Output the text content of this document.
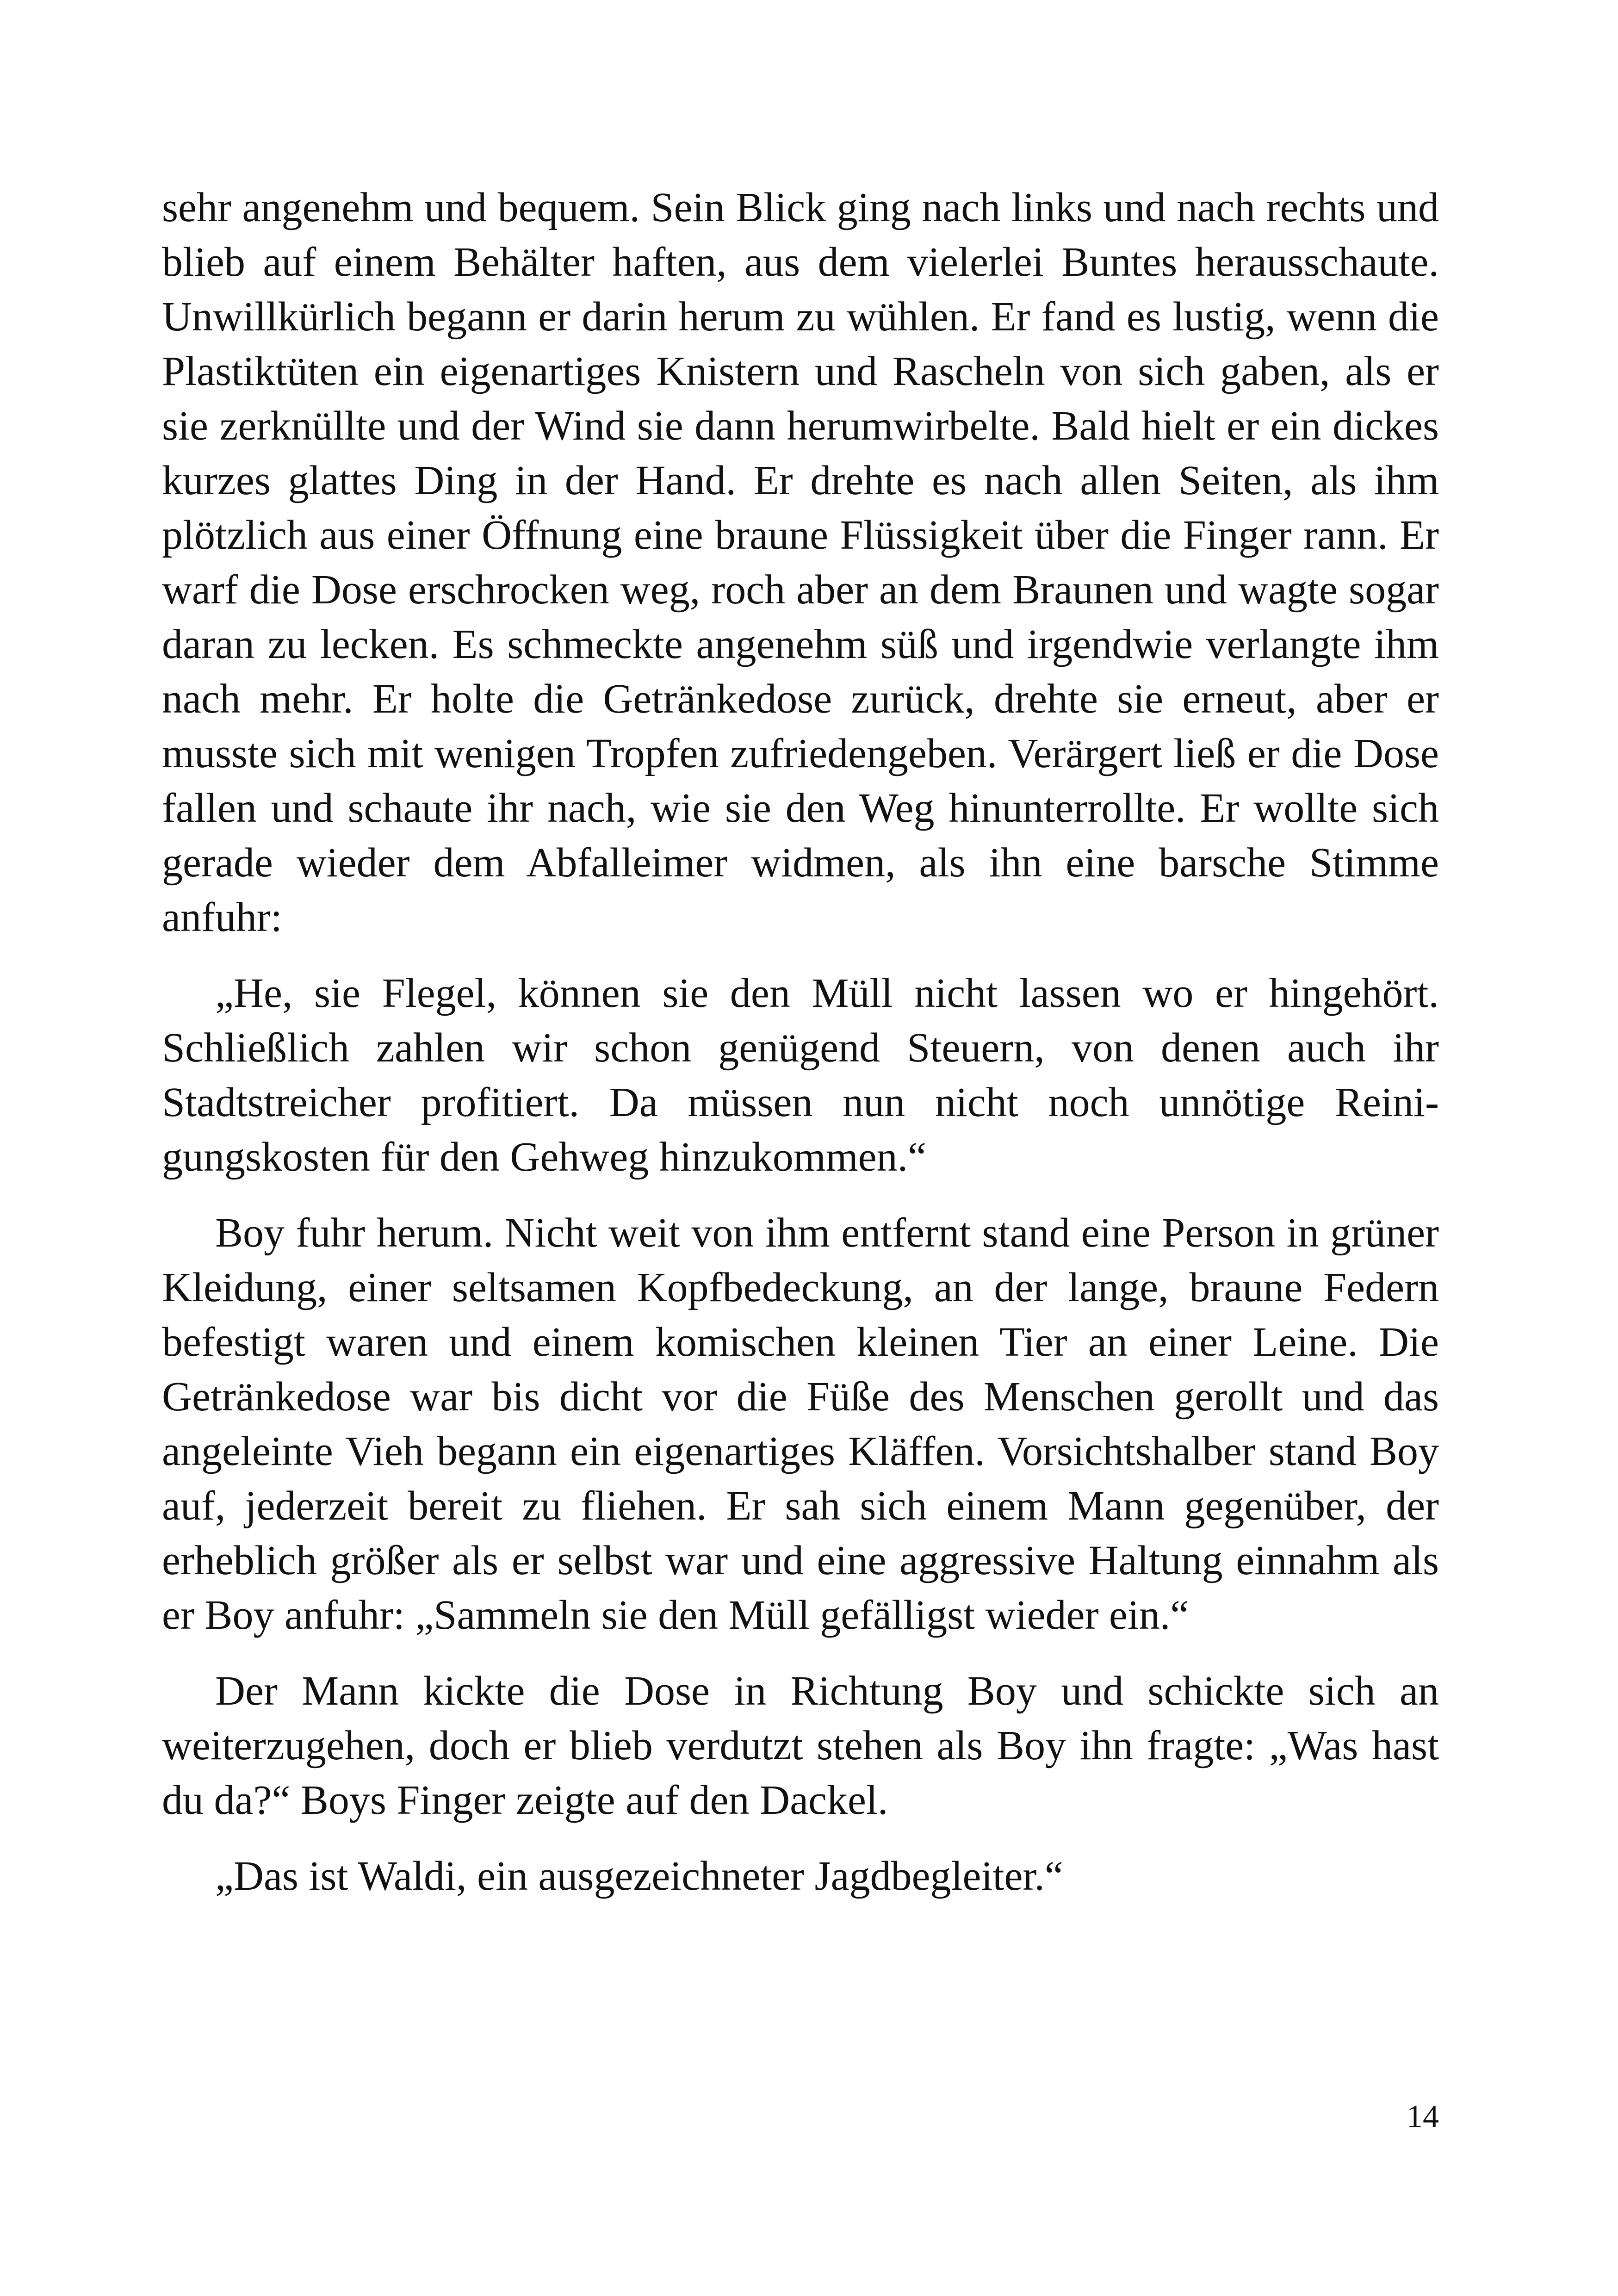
sehr angenehm und bequem. Sein Blick ging nach links und nach rechts und blieb auf einem Behälter haften, aus dem vielerlei Buntes herausschaute. Unwillkürlich begann er darin herum zu wühlen. Er fand es lustig, wenn die Plastiktüten ein eigenartiges Knistern und Rascheln von sich gaben, als er sie zerknüllte und der Wind sie dann herumwirbelte. Bald hielt er ein dickes kurzes glattes Ding in der Hand. Er drehte es nach allen Seiten, als ihm plötzlich aus einer Öffnung eine braune Flüssigkeit über die Finger rann. Er warf die Dose erschrocken weg, roch aber an dem Braunen und wagte sogar daran zu lecken. Es schmeckte angenehm süß und irgendwie verlangte ihm nach mehr. Er holte die Getränkedose zurück, drehte sie erneut, aber er musste sich mit wenigen Tropfen zufriedengeben. Verärgert ließ er die Dose fallen und schaute ihr nach, wie sie den Weg hinunterrollte. Er wollte sich gerade wieder dem Abfalleimer widmen, als ihn eine barsche Stimme anfuhr:

„He, sie Flegel, können sie den Müll nicht lassen wo er hingehört. Schließlich zahlen wir schon genügend Steuern, von denen auch ihr Stadtstreicher profitiert. Da müssen nun nicht noch unnötige Reinigungskosten für den Gehweg hinzukommen.“

Boy fuhr herum. Nicht weit von ihm entfernt stand eine Person in grüner Kleidung, einer seltsamen Kopfbedeckung, an der lange, braune Federn befestigt waren und einem komischen kleinen Tier an einer Leine. Die Getränkedose war bis dicht vor die Füße des Menschen gerollt und das angeleinte Vieh begann ein eigenartiges Kläffen. Vorsichtshalber stand Boy auf, jederzeit bereit zu fliehen. Er sah sich einem Mann gegenüber, der erheblich größer als er selbst war und eine aggressive Haltung einnahm als er Boy anfuhr: „Sammeln sie den Müll gefälligst wieder ein.“

Der Mann kickte die Dose in Richtung Boy und schickte sich an weiterzugehen, doch er blieb verdutzt stehen als Boy ihn fragte: „Was hast du da?“ Boys Finger zeigte auf den Dackel.

„Das ist Waldi, ein ausgezeichneter Jagdbegleiter.“

14
